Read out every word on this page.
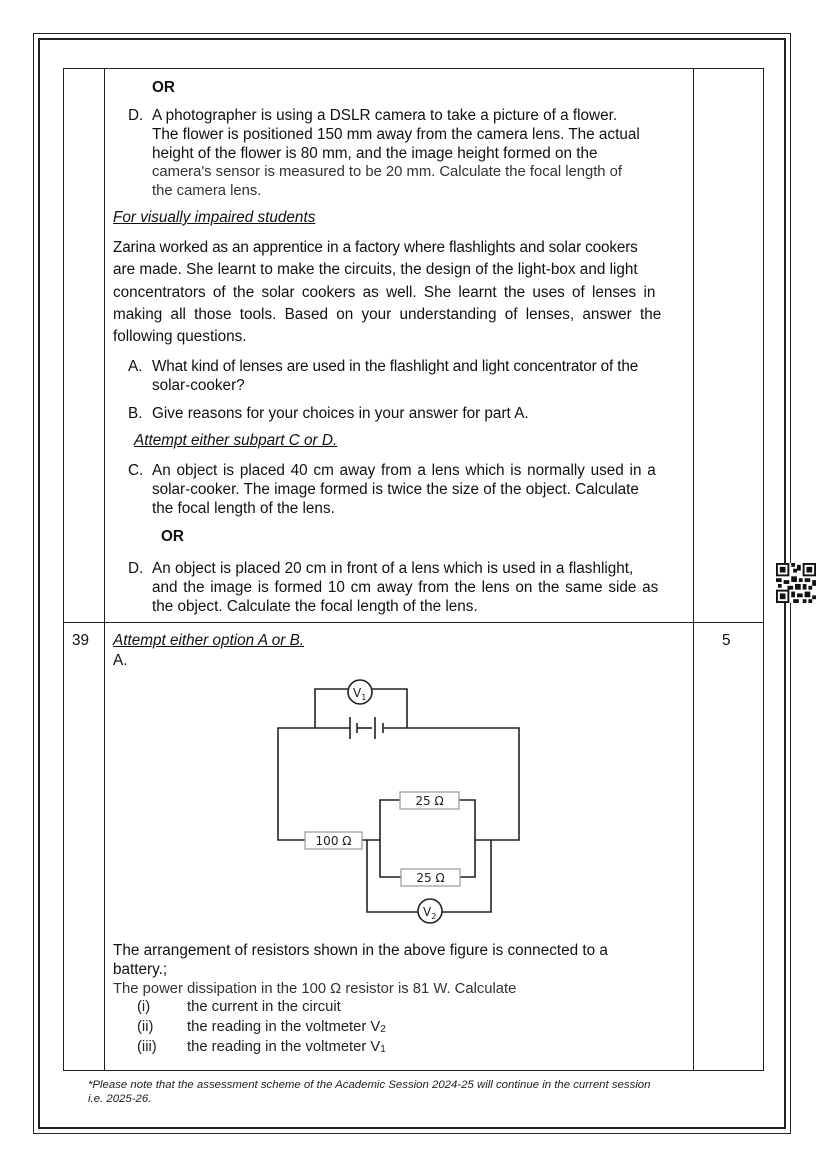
OR
D. A photographer is using a DSLR camera to take a picture of a flower.
The flower is positioned 150 mm away from the camera lens. The actual
height of the flower is 80 mm, and the image height formed on the
camera's sensor is measured to be 20 mm. Calculate the focal length of
the camera lens.
For visually impaired students
Zarina worked as an apprentice in a factory where flashlights and solar cookers
are made. She learnt to make the circuits, the design of the light-box and light
concentrators of the solar cookers as well. She learnt the uses of lenses in
making all those tools. Based on your understanding of lenses, answer the
following questions.
A. What kind of lenses are used in the flashlight and light concentrator of the
solar-cooker?
B. Give reasons for your choices in your answer for part A.
Attempt either subpart C or D.
C. An object is placed 40 cm away from a lens which is normally used in a
solar-cooker. The image formed is twice the size of the object. Calculate
the focal length of the lens.
OR
D. An object is placed 20 cm in front of a lens which is used in a flashlight,
and the image is formed 10 cm away from the lens on the same side as
the object. Calculate the focal length of the lens.
39	5
Attempt either option A or B.
A.
$V_1$
$V_2$
100 Ω
25 Ω
25 Ω
The arrangement of resistors shown in the above figure is connected to a
battery.;
The power dissipation in the 100 Ω resistor is 81 W. Calculate
(i) the current in the circuit
(ii) the reading in the voltmeter V2
(iii) the reading in the voltmeter V1
*Please note that the assessment scheme of the Academic Session 2024-25 will continue in the current session
i.e. 2025-26.
